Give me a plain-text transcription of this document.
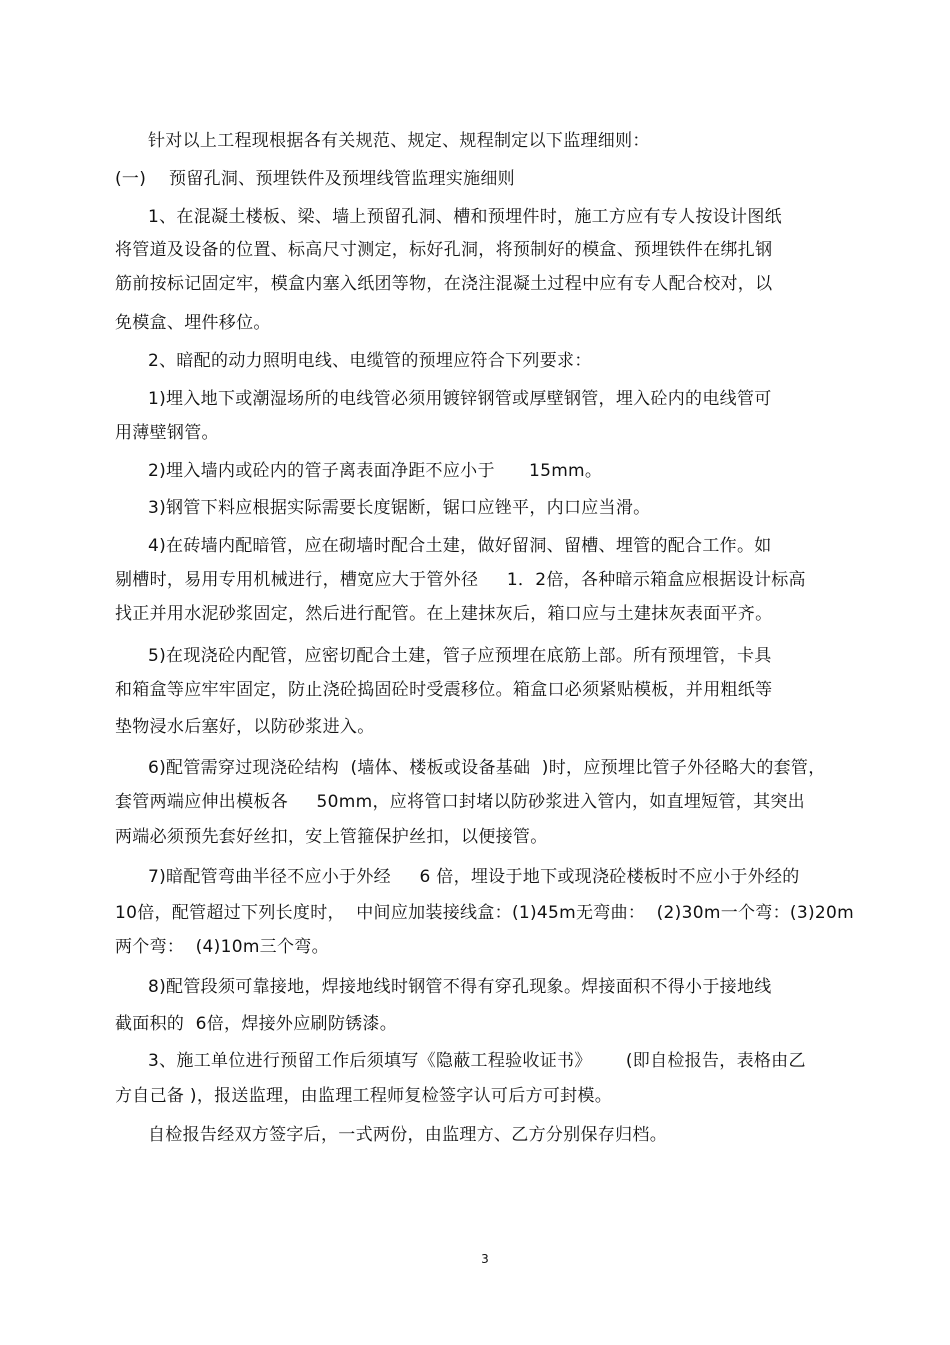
针对以上工程现根据各有关规范、规定、规程制定以下监理细则：
(一)    预留孔洞、预埋铁件及预埋线管监理实施细则
1、在混凝土楼板、梁、墙上预留孔洞、槽和预埋件时，施工方应有专人按设计图纸
将管道及设备的位置、标高尺寸测定，标好孔洞，将预制好的模盒、预埋铁件在绑扎钢
筋前按标记固定牢，模盒内塞入纸团等物，在浇注混凝土过程中应有专人配合校对，以
免模盒、埋件移位。
2、暗配的动力照明电线、电缆管的预埋应符合下列要求：
1)埋入地下或潮湿场所的电线管必须用镀锌钢管或厚壁钢管，埋入砼内的电线管可
用薄壁钢管。
2)埋入墙内或砼内的管子离表面净距不应小于      15mm。
3)钢管下料应根据实际需要长度锯断，锯口应锉平，内口应当滑。
4)在砖墙内配暗管，应在砌墙时配合土建，做好留洞、留槽、埋管的配合工作。如
剔槽时，易用专用机械进行，槽宽应大于管外径     1．2倍，各种暗示箱盒应根据设计标高
找正并用水泥砂浆固定，然后进行配管。在上建抹灰后，箱口应与土建抹灰表面平齐。
5)在现浇砼内配管，应密切配合土建，管子应预埋在底筋上部。所有预埋管，卡具
和箱盒等应牢牢固定，防止浇砼捣固砼时受震移位。箱盒口必须紧贴模板，并用粗纸等
垫物浸水后塞好，以防砂浆进入。
6)配管需穿过现浇砼结构  (墙体、楼板或设备基础  )时，应预埋比管子外径略大的套管，
套管两端应伸出模板各     50mm，应将管口封堵以防砂浆进入管内，如直埋短管，其突出
两端必须预先套好丝扣，安上管箍保护丝扣，以便接管。
7)暗配管弯曲半径不应小于外经     6 倍，埋设于地下或现浇砼楼板时不应小于外经的
10倍，配管超过下列长度时，  中间应加装接线盒：(1)45m无弯曲：  (2)30m一个弯：(3)20m
两个弯：  (4)10m三个弯。
8)配管段须可靠接地，焊接地线时钢管不得有穿孔现象。焊接面积不得小于接地线
截面积的  6倍，焊接外应刷防锈漆。
3、施工单位进行预留工作后须填写《隐蔽工程验收证书》      (即自检报告，表格由乙
方自己备 )，报送监理，由监理工程师复检签字认可后方可封模。
自检报告经双方签字后，一式两份，由监理方、乙方分别保存归档。
3
